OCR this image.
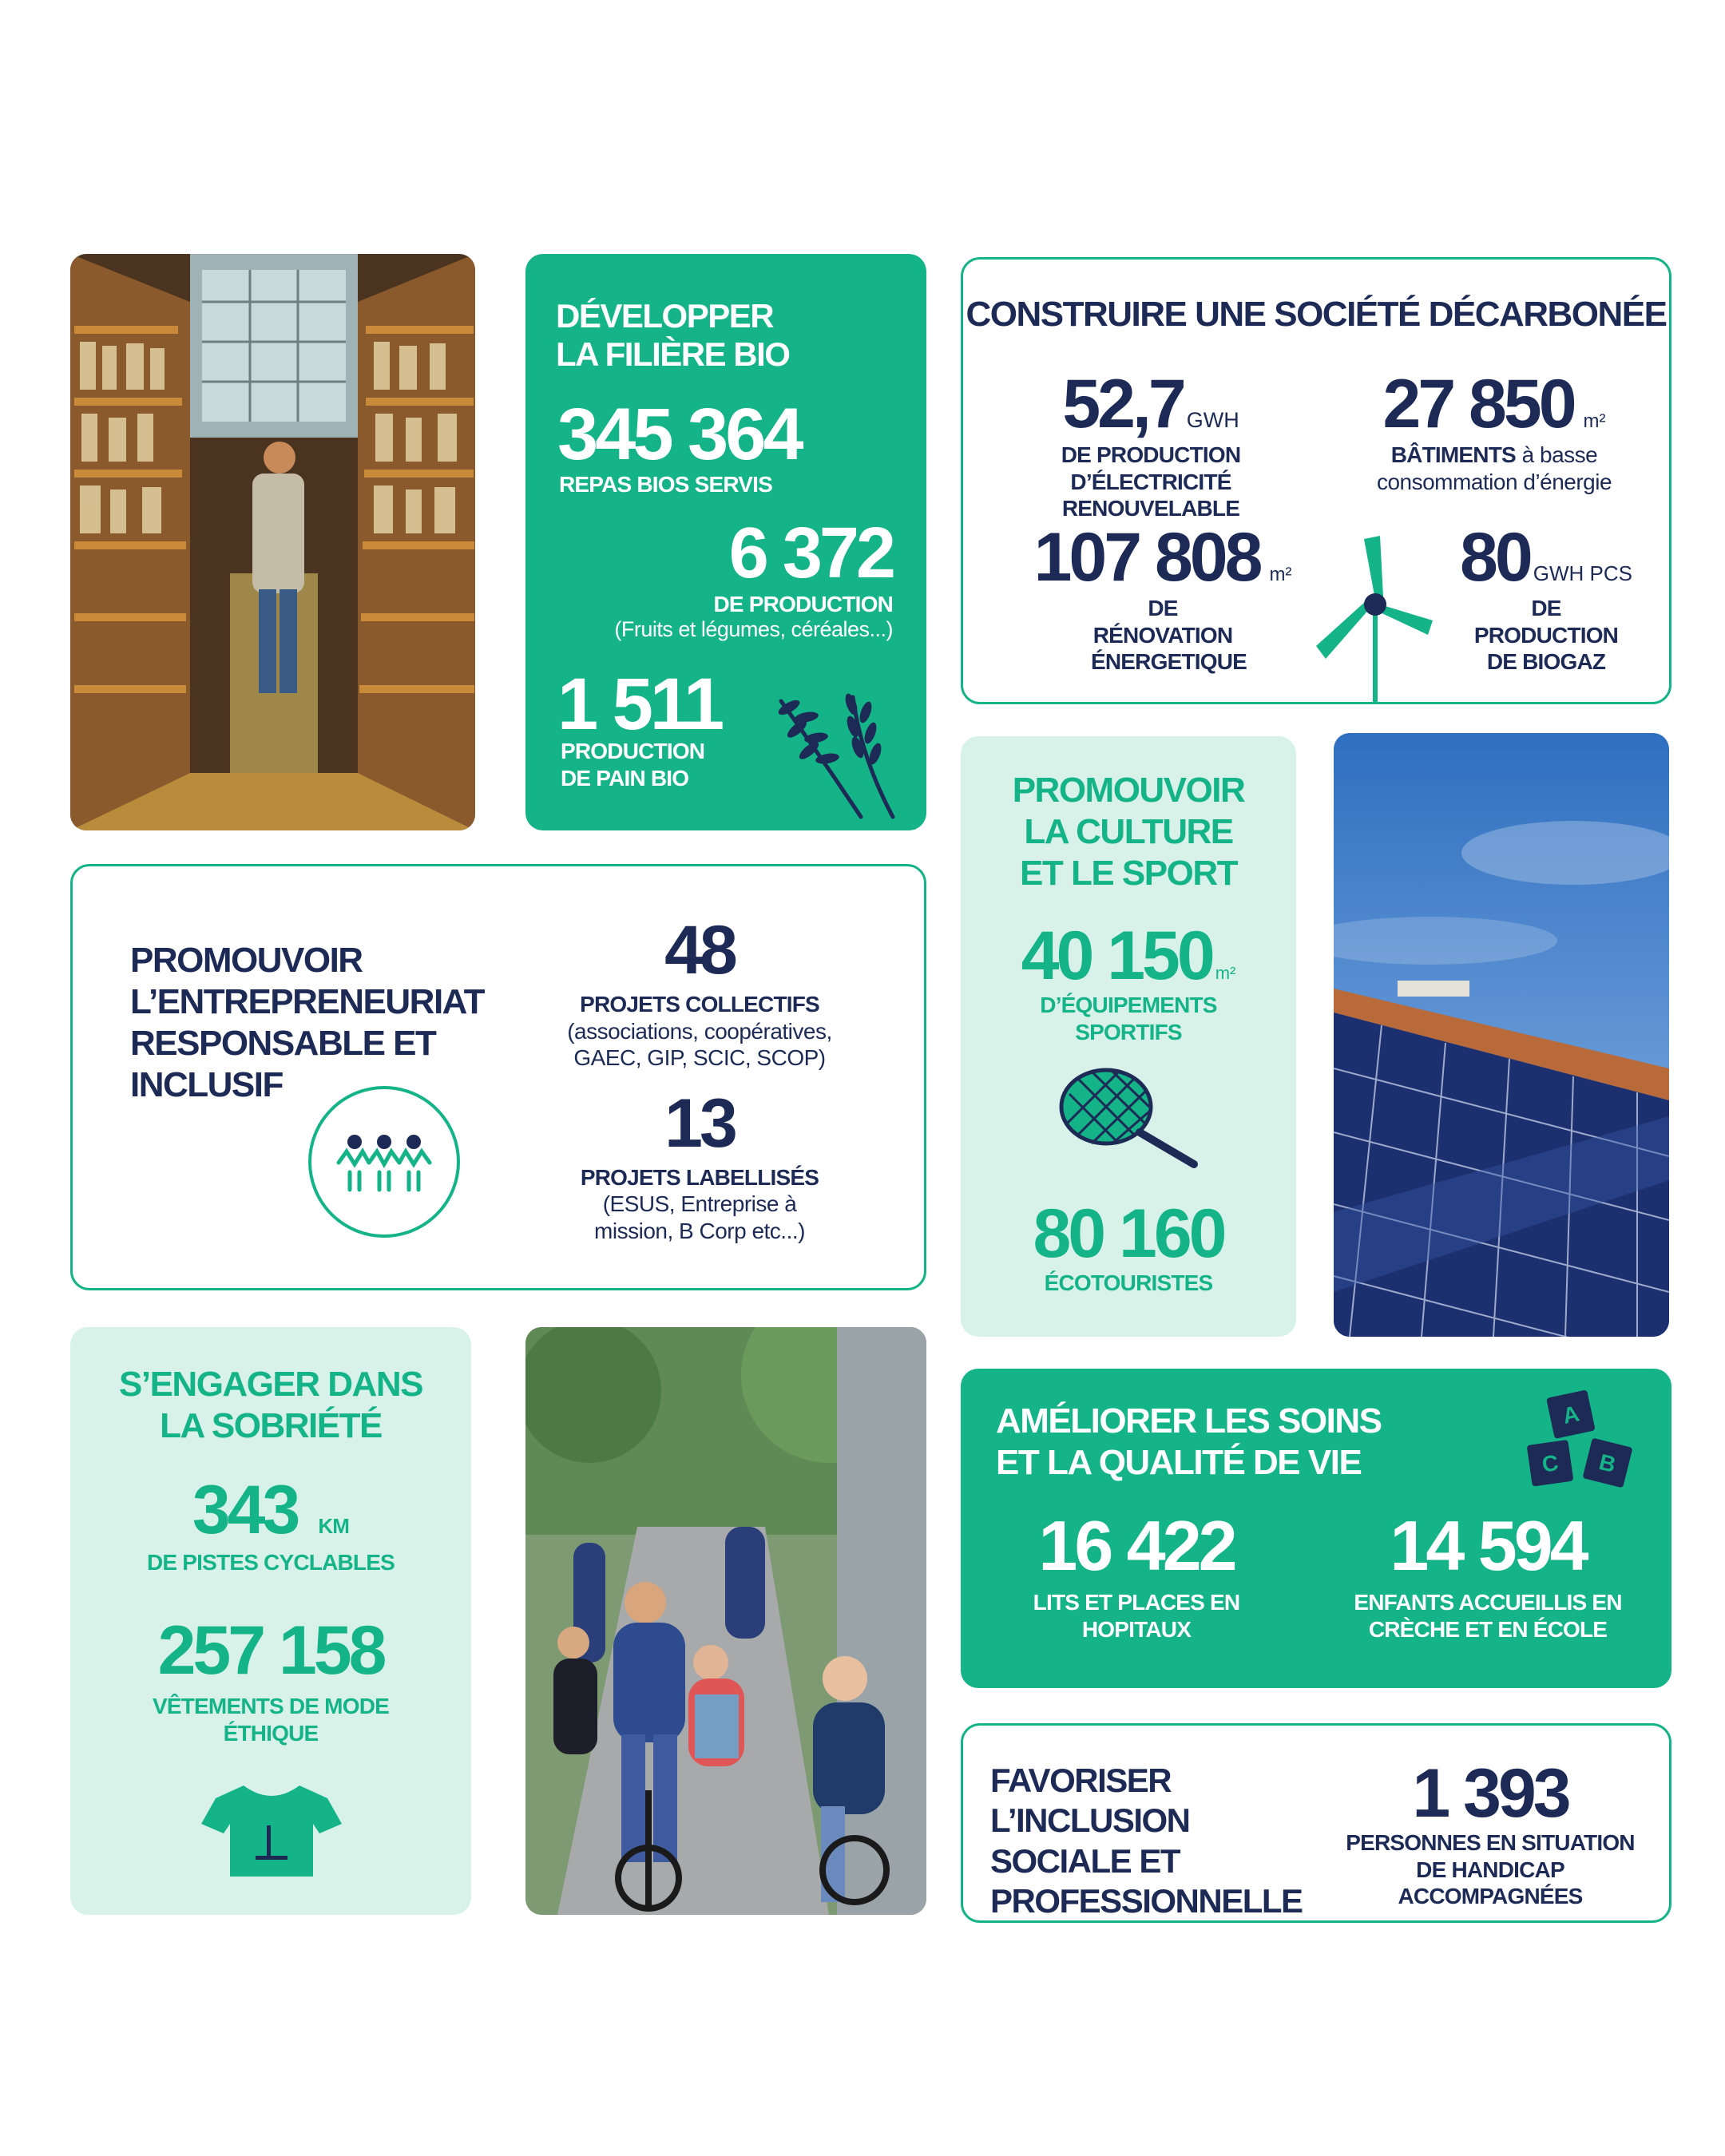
DÉVELOPPER LA FILIÈRE BIO
345 364
REPAS BIOS SERVIS
6 372
DE PRODUCTION
(Fruits et légumes, céréales...)
1 511
PRODUCTION DE PAIN BIO
CONSTRUIRE UNE SOCIÉTÉ DÉCARBONÉE
52,7 GWH
DE PRODUCTION D’ÉLECTRICITÉ RENOUVELABLE
27 850 m²
BÂTIMENTS à basse
consommation d’énergie
107 808 m²
DE RÉNOVATION ÉNERGETIQUE
80 GWH PCS
DE PRODUCTION DE BIOGAZ
PROMOUVOIR LA CULTURE ET LE SPORT
40 150 m²
D’ÉQUIPEMENTS SPORTIFS
80 160
ÉCOTOURISTES
PROMOUVOIR L’ENTREPRENEURIAT RESPONSABLE ET INCLUSIF
48
PROJETS COLLECTIFS
(associations, coopératives, GAEC, GIP, SCIC, SCOP)
13
PROJETS LABELLISÉS
(ESUS, Entreprise à mission, B Corp etc...)
S’ENGAGER DANS LA SOBRIÉTÉ
343 KM
DE PISTES CYCLABLES
257 158
VÊTEMENTS DE MODE ÉTHIQUE
AMÉLIORER LES SOINS ET LA QUALITÉ DE VIE
A
C B
16 422
LITS ET PLACES EN HOPITAUX
14 594
ENFANTS ACCUEILLIS EN CRÈCHE ET EN ÉCOLE
FAVORISER L’INCLUSION SOCIALE ET PROFESSIONNELLE
1 393
PERSONNES EN SITUATION DE HANDICAP ACCOMPAGNÉES
